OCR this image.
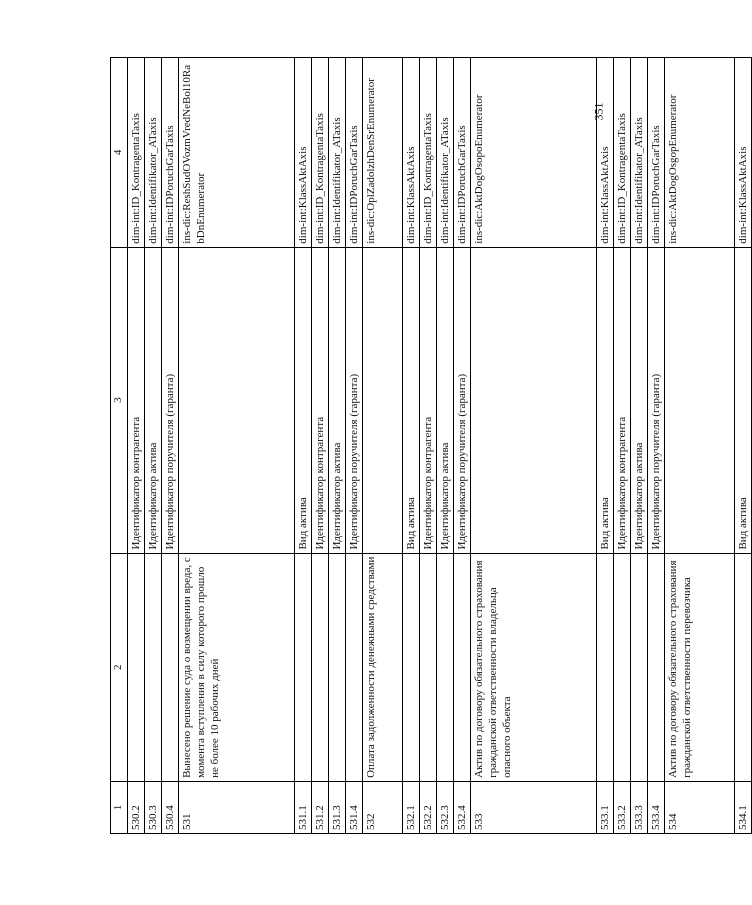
351
1	2	3	4
530.2		Идентификатор контрагента	dim-int:ID_KontragentaTaxis
530.3		Идентификатор актива	dim-int:Identifikator_ATaxis
530.4		Идентификатор поручителя (гаранта)	dim-int:IDPoruchGarTaxis
531	Вынесено решение суда о возмещении вреда, с момента вступления в силу которого прошло не более 10 рабочих дней		ins-dic:ReshSudOVozmVredNeBol10RabDnEnumerator
531.1		Вид актива	dim-int:KlassAktAxis
531.2		Идентификатор контрагента	dim-int:ID_KontragentaTaxis
531.3		Идентификатор актива	dim-int:Identifikator_ATaxis
531.4		Идентификатор поручителя (гаранта)	dim-int:IDPoruchGarTaxis
532	Оплата задолженности денежными средствами		ins-dic:OplZadolzhDenSrEnumerator
532.1		Вид актива	dim-int:KlassAktAxis
532.2		Идентификатор контрагента	dim-int:ID_KontragentaTaxis
532.3		Идентификатор актива	dim-int:Identifikator_ATaxis
532.4		Идентификатор поручителя (гаранта)	dim-int:IDPoruchGarTaxis
533	Актив по договору обязательного страхования гражданской ответственности владельца опасного объекта		ins-dic:AktDogOsopoEnumerator
533.1		Вид актива	dim-int:KlassAktAxis
533.2		Идентификатор контрагента	dim-int:ID_KontragentaTaxis
533.3		Идентификатор актива	dim-int:Identifikator_ATaxis
533.4		Идентификатор поручителя (гаранта)	dim-int:IDPoruchGarTaxis
534	Актив по договору обязательного страхования гражданской ответственности перевозчика		ins-dic:AktDogOsgopEnumerator
534.1		Вид актива	dim-int:KlassAktAxis
